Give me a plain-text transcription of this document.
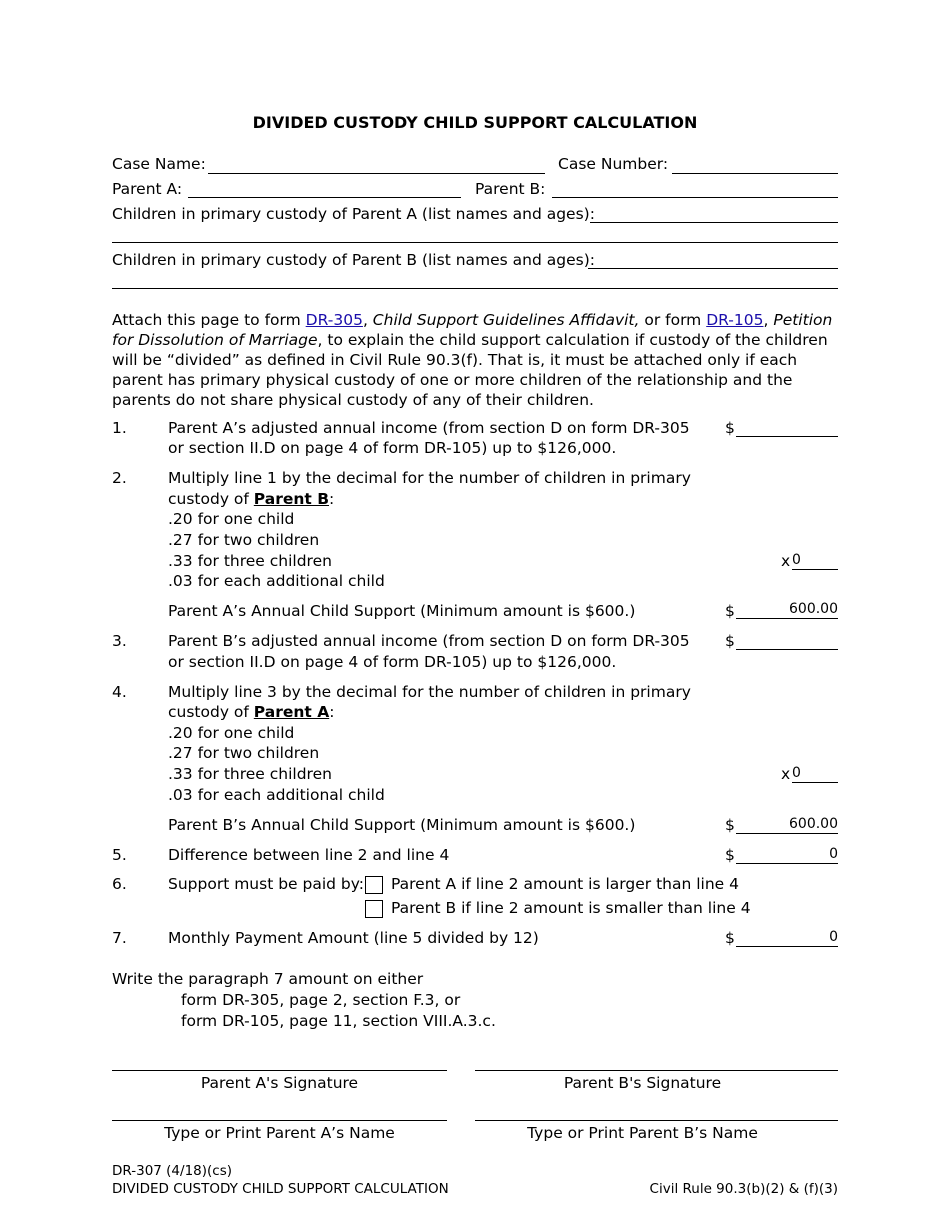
DIVIDED CUSTODY CHILD SUPPORT CALCULATION
Case Name:	Case Number:
Parent A:	Parent B:
Children in primary custody of Parent A (list names and ages):
Children in primary custody of Parent B (list names and ages):
Attach this page to form DR-305, Child Support Guidelines Affidavit, or form DR-105, Petition for Dissolution of Marriage, to explain the child support calculation if custody of the children will be “divided” as defined in Civil Rule 90.3(f). That is, it must be attached only if each parent has primary physical custody of one or more children of the relationship and the parents do not share physical custody of any of their children.
1.	Parent A’s adjusted annual income (from section D on form DR-305
or section II.D on page 4 of form DR-105) up to $126,000.
$
2.	Multiply line 1 by the decimal for the number of children in primary
custody of Parent B:
.20 for one child
.27 for two children
.33 for three children
.03 for each additional child
x 0
Parent A’s Annual Child Support (Minimum amount is $600.)	$	600.00
3.	Parent B’s adjusted annual income (from section D on form DR-305
or section II.D on page 4 of form DR-105) up to $126,000.
$
4.	Multiply line 3 by the decimal for the number of children in primary
custody of Parent A:
.20 for one child
.27 for two children
.33 for three children
.03 for each additional child
x 0
Parent B’s Annual Child Support (Minimum amount is $600.)	$	600.00
5.	Difference between line 2 and line 4	$	0
6.	Support must be paid by: Parent A if line 2 amount is larger than line 4
Parent B if line 2 amount is smaller than line 4
7.	Monthly Payment Amount (line 5 divided by 12)	$	0
Write the paragraph 7 amount on either
form DR-305, page 2, section F.3, or
form DR-105, page 11, section VIII.A.3.c.
Parent A's Signature	Parent B's Signature
Type or Print Parent A’s Name	Type or Print Parent B’s Name
DR-307 (4/18)(cs)
DIVIDED CUSTODY CHILD SUPPORT CALCULATION	Civil Rule 90.3(b)(2) & (f)(3)
